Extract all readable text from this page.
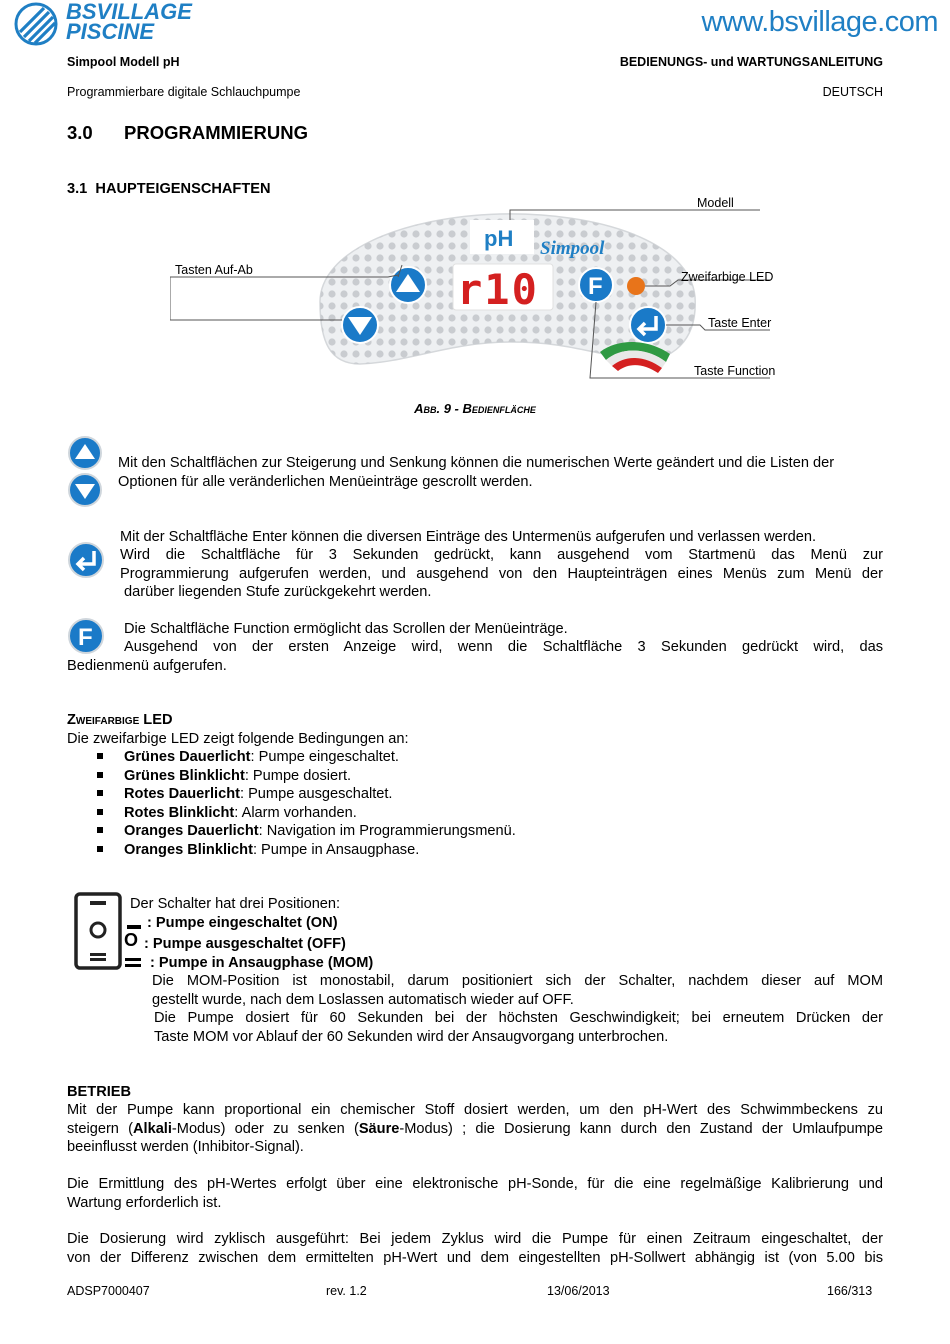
BSVILLAGE
PISCINE	www.bsvillage.com
Simpool Modell pH	BEDIENUNGS- und WARTUNGSANLEITUNG
Programmierbare digitale Schlauchpumpe	DEUTSCH
3.0 PROGRAMMIERUNG
3.1 HAUPTEIGENSCHAFTEN
pH Simpool
r10 F
Modell
Tasten Auf-Ab	Zweifarbige LED
Taste Enter
Taste Function
Abb. 9 - Bedienfläche
Mit den Schaltflächen zur Steigerung und Senkung können die numerischen Werte geändert und die Listen der Optionen für alle veränderlichen Menüeinträge gescrollt werden.
Mit der Schaltfläche Enter können die diversen Einträge des Untermenüs aufgerufen und verlassen werden.
Wird die Schaltfläche für 3 Sekunden gedrückt, kann ausgehend vom Startmenü das Menü zur
Programmierung aufgerufen werden, und ausgehend von den Haupteinträgen eines Menüs zum Menü der
darüber liegenden Stufe zurückgekehrt werden.
F Die Schaltfläche Function ermöglicht das Scrollen der Menüeinträge.
Ausgehend von der ersten Anzeige wird, wenn die Schaltfläche 3 Sekunden gedrückt wird, das
Bedienmenü aufgerufen.
Zweifarbige LED
Die zweifarbige LED zeigt folgende Bedingungen an:
Grünes Dauerlicht: Pumpe eingeschaltet.
Grünes Blinklicht: Pumpe dosiert.
Rotes Dauerlicht: Pumpe ausgeschaltet.
Rotes Blinklicht: Alarm vorhanden.
Oranges Dauerlicht: Navigation im Programmierungsmenü.
Oranges Blinklicht: Pumpe in Ansaugphase.
Der Schalter hat drei Positionen:
: Pumpe eingeschaltet (ON)
O : Pumpe ausgeschaltet (OFF)
: Pumpe in Ansaugphase (MOM)
Die MOM-Position ist monostabil, darum positioniert sich der Schalter, nachdem dieser auf MOM
gestellt wurde, nach dem Loslassen automatisch wieder auf OFF.
Die Pumpe dosiert für 60 Sekunden bei der höchsten Geschwindigkeit; bei erneutem Drücken der
Taste MOM vor Ablauf der 60 Sekunden wird der Ansaugvorgang unterbrochen.
BETRIEB
Mit der Pumpe kann proportional ein chemischer Stoff dosiert werden, um den pH-Wert des Schwimmbeckens zu
steigern (Alkali-Modus) oder zu senken (Säure-Modus) ; die Dosierung kann durch den Zustand der Umlaufpumpe
beeinflusst werden (Inhibitor-Signal).
Die Ermittlung des pH-Wertes erfolgt über eine elektronische pH-Sonde, für die eine regelmäßige Kalibrierung und
Wartung erforderlich ist.
Die Dosierung wird zyklisch ausgeführt: Bei jedem Zyklus wird die Pumpe für einen Zeitraum eingeschaltet, der
von der Differenz zwischen dem ermittelten pH-Wert und dem eingestellten pH-Sollwert abhängig ist (von 5.00 bis
ADSP7000407	rev. 1.2	13/06/2013	166/313
